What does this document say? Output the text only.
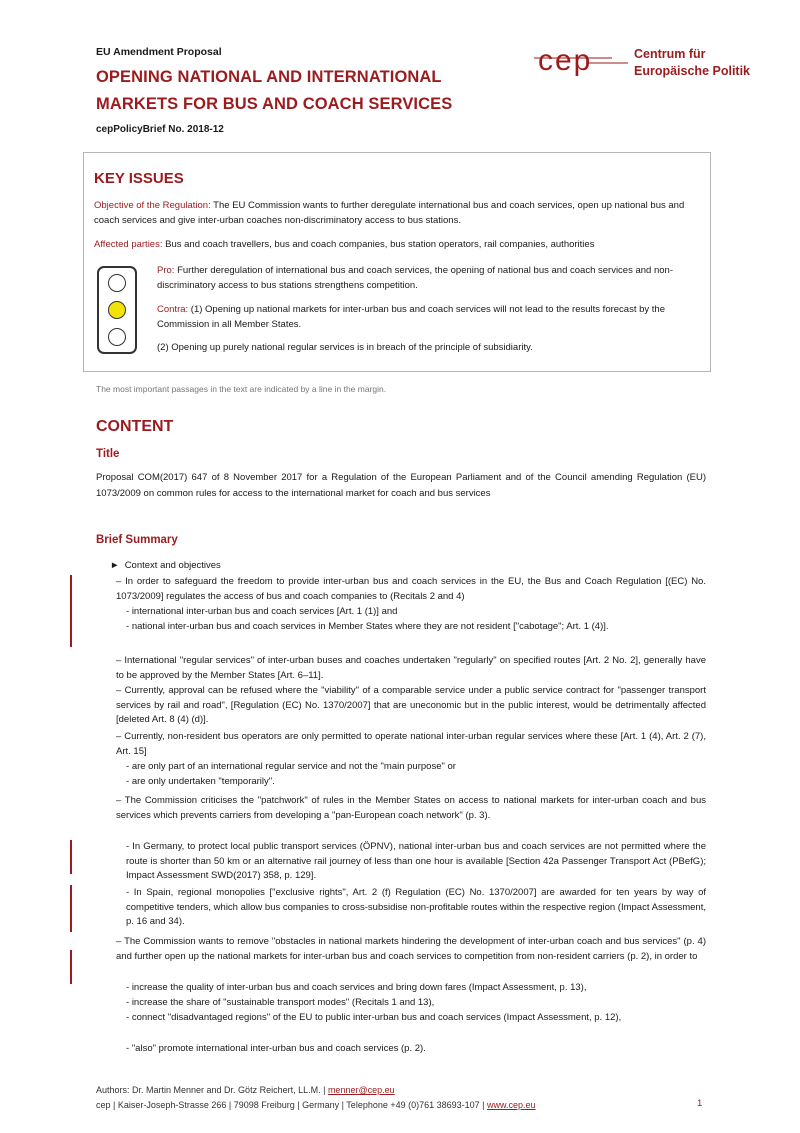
EU Amendment Proposal
OPENING NATIONAL AND INTERNATIONAL
MARKETS FOR BUS AND COACH SERVICES
cepPolicyBrief No. 2018-12
cep	Centrum für
Europäische Politik
KEY ISSUES
Objective of the Regulation: The EU Commission wants to further deregulate international bus and coach services, open up national bus and coach services and give inter-urban coaches non-discriminatory access to bus stations.
Affected parties: Bus and coach travellers, bus and coach companies, bus station operators, rail companies, authorities
Pro: Further deregulation of international bus and coach services, the opening of national bus and coach services and non-discriminatory access to bus stations strengthens competition.
Contra: (1) Opening up national markets for inter-urban bus and coach services will not lead to the results forecast by the Commission in all Member States.
(2) Opening up purely national regular services is in breach of the principle of subsidiarity.
The most important passages in the text are indicated by a line in the margin.
CONTENT
Title
Proposal COM(2017) 647 of 8 November 2017 for a Regulation of the European Parliament and of the Council amending Regulation (EU) 1073/2009 on common rules for access to the international market for coach and bus services
Brief Summary
►  Context and objectives
– In order to safeguard the freedom to provide inter-urban bus and coach services in the EU, the Bus and Coach Regulation [(EC) No. 1073/2009] regulates the access of bus and coach companies to (Recitals 2 and 4)
- international inter-urban bus and coach services [Art. 1 (1)] and
- national inter-urban bus and coach services in Member States where they are not resident ["cabotage"; Art. 1 (4)].
– International "regular services" of inter-urban buses and coaches undertaken "regularly" on specified routes [Art. 2 No. 2], generally have to be approved by the Member States [Art. 6–11].
– Currently, approval can be refused where the "viability" of a comparable service under a public service contract for "passenger transport services by rail and road", [Regulation (EC) No. 1370/2007] that are uneconomic but in the public interest, would be detrimentally affected [deleted Art. 8 (4) (d)].
– Currently, non-resident bus operators are only permitted to operate national inter-urban regular services where these [Art. 1 (4), Art. 2 (7), Art. 15]
- are only part of an international regular service and not the "main purpose" or
- are only undertaken "temporarily".
– The Commission criticises the "patchwork" of rules in the Member States on access to national markets for inter-urban coach and bus services which prevents carriers from developing a "pan-European coach network" (p. 3).
- In Germany, to protect local public transport services (ÖPNV), national inter-urban bus and coach services are not permitted where the route is shorter than 50 km or an alternative rail journey of less than one hour is available [Section 42a Passenger Transport Act (PBefG); Impact Assessment SWD(2017) 358, p. 129].
- In Spain, regional monopolies ["exclusive rights", Art. 2 (f) Regulation (EC) No. 1370/2007] are awarded for ten years by way of competitive tenders, which allow bus companies to cross-subsidise non-profitable routes within the respective region (Impact Assessment, p. 16 and 34).
– The Commission wants to remove "obstacles in national markets hindering the development of inter-urban coach and bus services" (p. 4) and further open up the national markets for inter-urban bus and coach services to competition from non-resident carriers (p. 2), in order to
- increase the quality of inter-urban bus and coach services and bring down fares (Impact Assessment, p. 13),
- increase the share of "sustainable transport modes" (Recitals 1 and 13),
- connect "disadvantaged regions" of the EU to public inter-urban bus and coach services (Impact Assessment, p. 12),
- "also" promote international inter-urban bus and coach services (p. 2).
Authors: Dr. Martin Menner and Dr. Götz Reichert, LL.M. | menner@cep.eu
cep | Kaiser-Joseph-Strasse 266 | 79098 Freiburg | Germany | Telephone +49 (0)761 38693-107 | www.cep.eu	1
